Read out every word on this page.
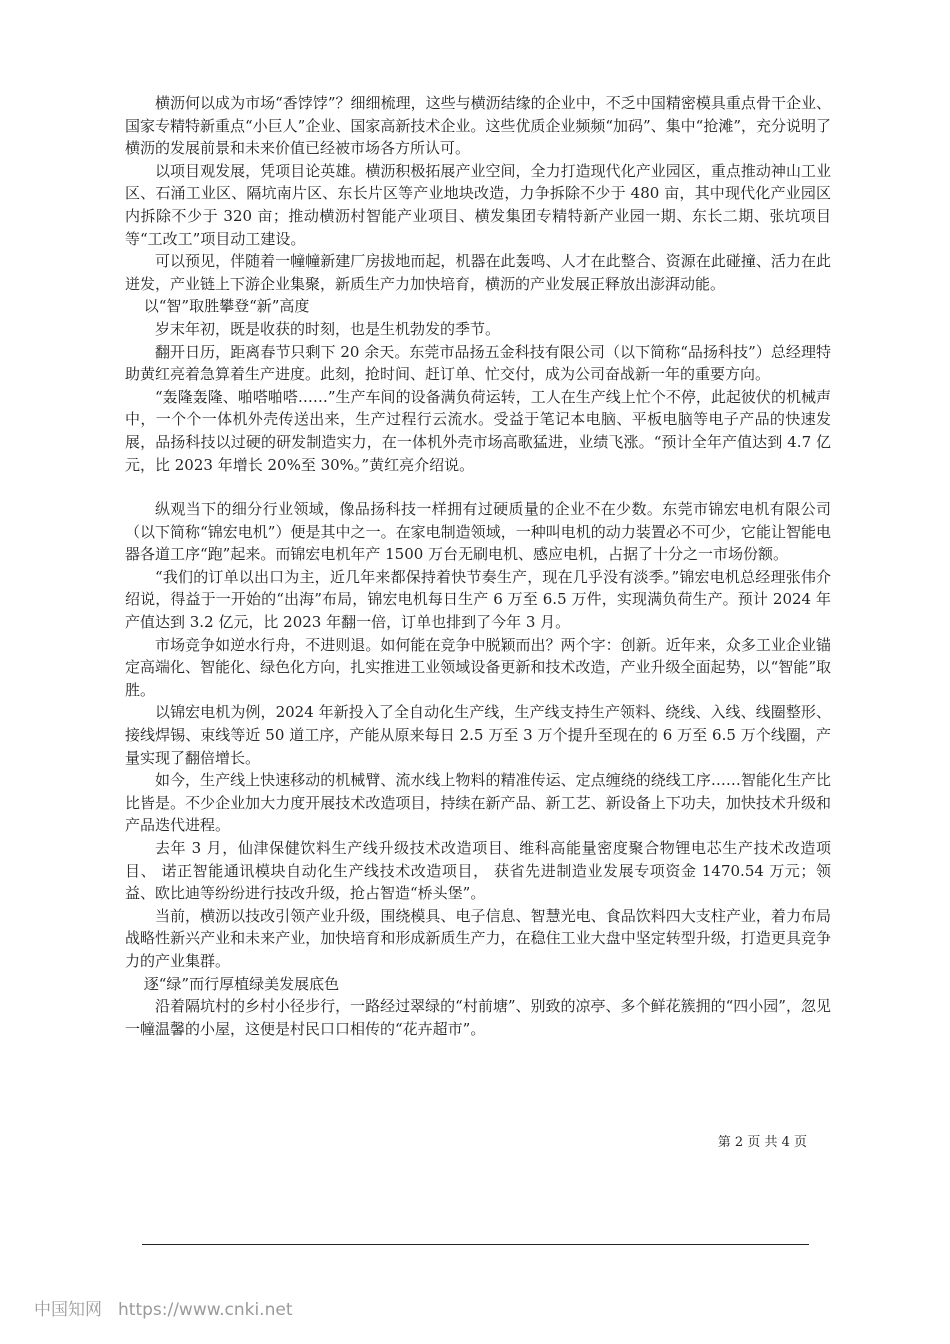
横沥何以成为市场“香饽饽”？细细梳理，这些与横沥结缘的企业中，不乏中国精密模具重点骨干企业、国家专精特新重点“小巨人”企业、国家高新技术企业。这些优质企业频频“加码”、集中“抢滩”，充分说明了横沥的发展前景和未来价值已经被市场各方所认可。

以项目观发展，凭项目论英雄。横沥积极拓展产业空间，全力打造现代化产业园区，重点推动神山工业区、石涌工业区、隔坑南片区、东长片区等产业地块改造，力争拆除不少于 480 亩，其中现代化产业园区内拆除不少于 320 亩；推动横沥村智能产业项目、横发集团专精特新产业园一期、东长二期、张坑项目等“工改工”项目动工建设。

可以预见，伴随着一幢幢新建厂房拔地而起，机器在此轰鸣、人才在此整合、资源在此碰撞、活力在此迸发，产业链上下游企业集聚，新质生产力加快培育，横沥的产业发展正释放出澎湃动能。

以“智”取胜攀登“新”高度

岁末年初，既是收获的时刻，也是生机勃发的季节。

翻开日历，距离春节只剩下 20 余天。东莞市品扬五金科技有限公司（以下简称“品扬科技”）总经理特助黄红亮着急算着生产进度。此刻，抢时间、赶订单、忙交付，成为公司奋战新一年的重要方向。

“轰隆轰隆、啪嗒啪嗒……”生产车间的设备满负荷运转，工人在生产线上忙个不停，此起彼伏的机械声中，一个个一体机外壳传送出来，生产过程行云流水。受益于笔记本电脑、平板电脑等电子产品的快速发展，品扬科技以过硬的研发制造实力，在一体机外壳市场高歌猛进，业绩飞涨。“预计全年产值达到 4.7 亿元，比 2023 年增长 20%至 30%。”黄红亮介绍说。

纵观当下的细分行业领域，像品扬科技一样拥有过硬质量的企业不在少数。东莞市锦宏电机有限公司（以下简称“锦宏电机”）便是其中之一。在家电制造领域，一种叫电机的动力装置必不可少，它能让智能电器各道工序“跑”起来。而锦宏电机年产 1500 万台无刷电机、感应电机，占据了十分之一市场份额。

“我们的订单以出口为主，近几年来都保持着快节奏生产，现在几乎没有淡季。”锦宏电机总经理张伟介绍说，得益于一开始的“出海”布局，锦宏电机每日生产 6 万至 6.5 万件，实现满负荷生产。预计 2024 年产值达到 3.2 亿元，比 2023 年翻一倍，订单也排到了今年 3 月。

市场竞争如逆水行舟，不进则退。如何能在竞争中脱颖而出？两个字：创新。近年来，众多工业企业锚定高端化、智能化、绿色化方向，扎实推进工业领域设备更新和技术改造，产业升级全面起势，以“智能”取胜。

以锦宏电机为例，2024 年新投入了全自动化生产线，生产线支持生产领料、绕线、入线、线圈整形、接线焊锡、束线等近 50 道工序，产能从原来每日 2.5 万至 3 万个提升至现在的 6 万至 6.5 万个线圈，产量实现了翻倍增长。

如今，生产线上快速移动的机械臂、流水线上物料的精准传运、定点缠绕的绕线工序……智能化生产比比皆是。不少企业加大力度开展技术改造项目，持续在新产品、新工艺、新设备上下功夫，加快技术升级和产品迭代进程。

去年 3 月，仙津保健饮料生产线升级技术改造项目、维科高能量密度聚合物锂电芯生产技术改造项目、 诺正智能通讯模块自动化生产线技术改造项目， 获省先进制造业发展专项资金 1470.54 万元；领益、欧比迪等纷纷进行技改升级，抢占智造“桥头堡”。

当前，横沥以技改引领产业升级，围绕模具、电子信息、智慧光电、食品饮料四大支柱产业，着力布局战略性新兴产业和未来产业，加快培育和形成新质生产力，在稳住工业大盘中坚定转型升级，打造更具竞争力的产业集群。

逐“绿”而行厚植绿美发展底色

沿着隔坑村的乡村小径步行，一路经过翠绿的“村前塘”、别致的凉亭、多个鲜花簇拥的“四小园”，忽见一幢温馨的小屋，这便是村民口口相传的“花卉超市”。

第 2 页 共 4 页
中国知网 https://www.cnki.net
